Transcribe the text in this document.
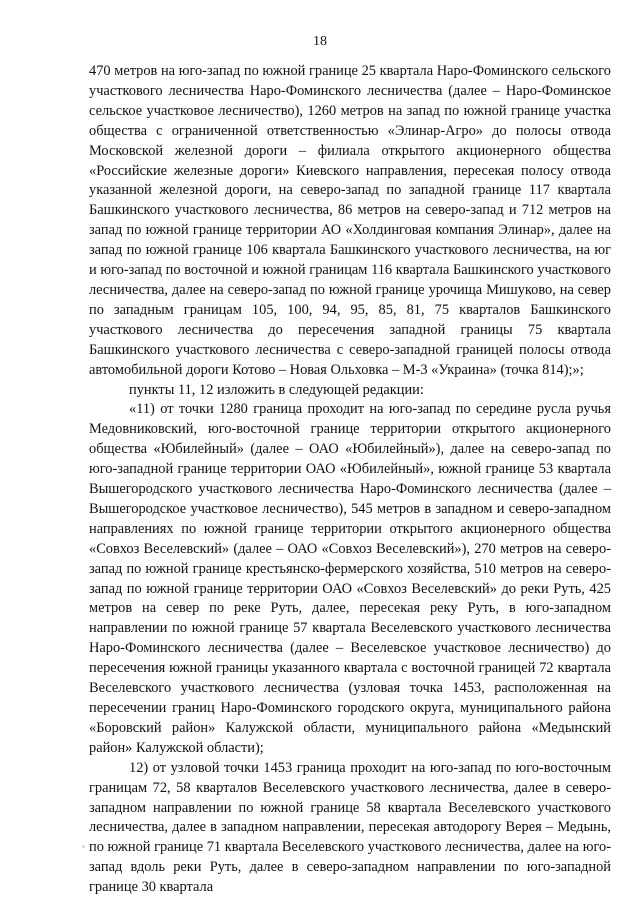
18

470 метров на юго-запад по южной границе 25 квартала Наро-Фоминского сельского участкового лесничества Наро-Фоминского лесничества (далее – Наро-Фоминское сельское участковое лесничество), 1260 метров на запад по южной границе участка общества с ограниченной ответственностью «Элинар-Агро» до полосы отвода Московской железной дороги – филиала открытого акционерного общества «Российские железные дороги» Киевского направления, пересекая полосу отвода указанной железной дороги, на северо-запад по западной границе 117 квартала Башкинского участкового лесничества, 86 метров на северо-запад и 712 метров на запад по южной границе территории АО «Холдинговая компания Элинар», далее на запад по южной границе 106 квартала Башкинского участкового лесничества, на юг и юго-запад по восточной и южной границам 116 квартала Башкинского участкового лесничества, далее на северо-запад по южной границе урочища Мишуково, на север по западным границам 105, 100, 94, 95, 85, 81, 75 кварталов Башкинского участкового лесничества до пересечения западной границы 75 квартала Башкинского участкового лесничества с северо-западной границей полосы отвода автомобильной дороги Котово – Новая Ольховка – М-3 «Украина» (точка 814);»;

пункты 11, 12 изложить в следующей редакции:

«11) от точки 1280 граница проходит на юго-запад по середине русла ручья Медовниковский, юго-восточной границе территории открытого акционерного общества «Юбилейный» (далее – ОАО «Юбилейный»), далее на северо-запад по юго-западной границе территории ОАО «Юбилейный», южной границе 53 квартала Вышегородского участкового лесничества Наро-Фоминского лесничества (далее – Вышегородское участковое лесничество), 545 метров в западном и северо-западном направлениях по южной границе территории открытого акционерного общества «Совхоз Веселевский» (далее – ОАО «Совхоз Веселевский»), 270 метров на северо-запад по южной границе крестьянско-фермерского хозяйства, 510 метров на северо-запад по южной границе территории ОАО «Совхоз Веселевский» до реки Руть, 425 метров на север по реке Руть, далее, пересекая реку Руть, в юго-западном направлении по южной границе 57 квартала Веселевского участкового лесничества Наро-Фоминского лесничества (далее – Веселевское участковое лесничество) до пересечения южной границы указанного квартала с восточной границей 72 квартала Веселевского участкового лесничества (узловая точка 1453, расположенная на пересечении границ Наро-Фоминского городского округа, муниципального района «Боровский район» Калужской области, муниципального района «Медынский район» Калужской области);

12) от узловой точки 1453 граница проходит на юго-запад по юго-восточным границам 72, 58 кварталов Веселевского участкового лесничества, далее в северо-западном направлении по южной границе 58 квартала Веселевского участкового лесничества, далее в западном направлении, пересекая автодорогу Верея – Медынь, по южной границе 71 квартала Веселевского участкового лесничества, далее на юго-запад вдоль реки Руть, далее в северо-западном направлении по юго-западной границе 30 квартала
